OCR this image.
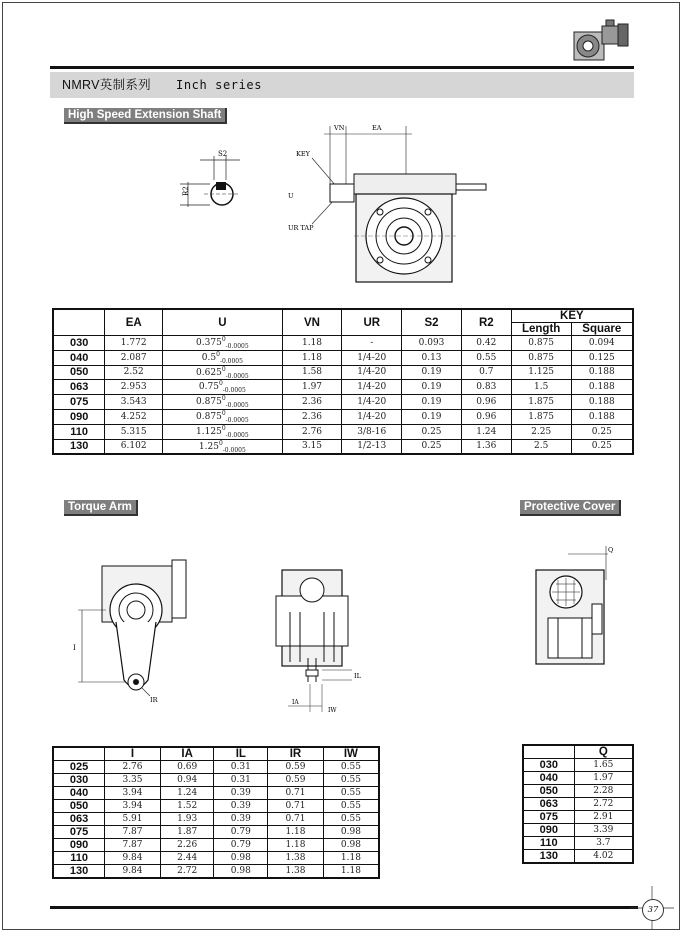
NMRV英制系列 Inch series
High Speed Extension Shaft
S2
R2
VN	EA
KEY
UR TAP
U
	EA	U	VN	UR	S2	R2	KEY	
							Length	Square
030	1.772	$0.375^0_{-0.0005}$	1.18	-	0.093	0.42	0.875	0.094
040	2.087	$0.5^0_{-0.0005}$	1.18	1/4-20	0.13	0.55	0.875	0.125
050	2.52	$0.625^0_{-0.0005}$	1.58	1/4-20	0.19	0.7	1.125	0.188
063	2.953	$0.75^0_{-0.0005}$	1.97	1/4-20	0.19	0.83	1.5	0.188
075	3.543	$0.875^0_{-0.0005}$	2.36	1/4-20	0.19	0.96	1.875	0.188
090	4.252	$0.875^0_{-0.0005}$	2.36	1/4-20	0.19	0.96	1.875	0.188
110	5.315	$1.125^0_{-0.0005}$	2.76	3/8-16	0.25	1.24	2.25	0.25
130	6.102	$1.25^0_{-0.0005}$	3.15	1/2-13	0.25	1.36	2.5	0.25
Torque Arm	Protective Cover
I
IR
IL
IA
IW
Q
	I	IA	IL	IR	IW
025	2.76	0.69	0.31	0.59	0.55
030	3.35	0.94	0.31	0.59	0.55
040	3.94	1.24	0.39	0.71	0.55
050	3.94	1.52	0.39	0.71	0.55
063	5.91	1.93	0.39	0.71	0.55
075	7.87	1.87	0.79	1.18	0.98
090	7.87	2.26	0.79	1.18	0.98
110	9.84	2.44	0.98	1.38	1.18
130	9.84	2.72	0.98	1.38	1.18
	Q
030	1.65
040	1.97
050	2.28
063	2.72
075	2.91
090	3.39
110	3.7
130	4.02
37
